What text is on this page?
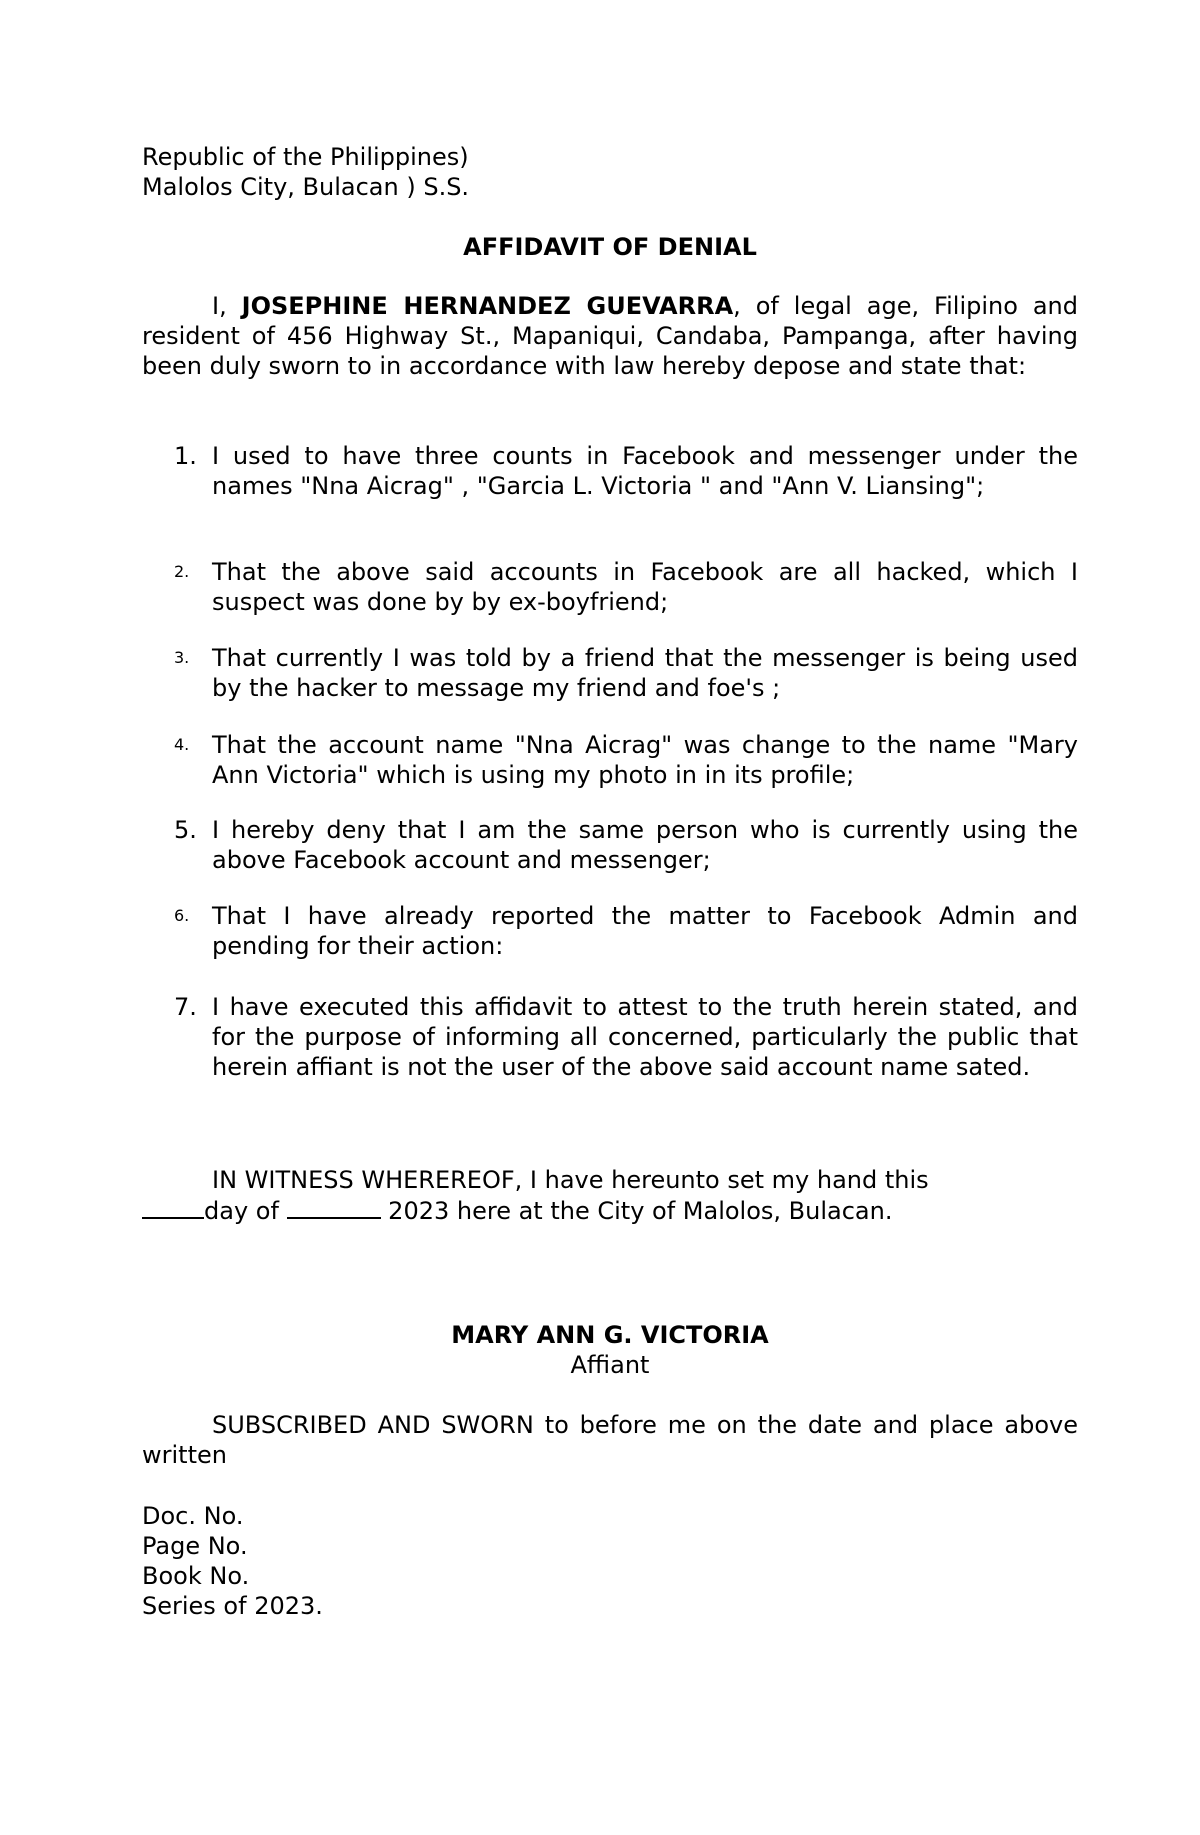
Republic of the Philippines)
Malolos City, Bulacan ) S.S.
AFFIDAVIT OF DENIAL
I, JOSEPHINE HERNANDEZ GUEVARRA, of legal age, Filipino and resident of 456 Highway St., Mapaniqui, Candaba, Pampanga, after having been duly sworn to in accordance with law hereby depose and state that:
1. I used to have three counts in Facebook and messenger under the names "Nna Aicrag" , "Garcia L. Victoria " and "Ann V. Liansing";
2. That the above said accounts in Facebook are all hacked, which I suspect was done by by ex-boyfriend;
3. That currently I was told by a friend that the messenger is being used by the hacker to message my friend and foe's ;
4. That the account name "Nna Aicrag" was change to the name "Mary Ann Victoria" which is using my photo in in its profile;
5. I hereby deny that I am the same person who is currently using the above Facebook account and messenger;
6. That I have already reported the matter to Facebook Admin and pending for their action:
7. I have executed this affidavit to attest to the truth herein stated, and for the purpose of informing all concerned, particularly the public that herein affiant is not the user of the above said account name sated.
IN WITNESS WHEREREOF, I have hereunto set my hand this
day of	2023 here at the City of Malolos, Bulacan.
MARY ANN G. VICTORIA
Affiant
SUBSCRIBED AND SWORN to before me on the date and place above written
Doc. No.
Page No.
Book No.
Series of 2023.
